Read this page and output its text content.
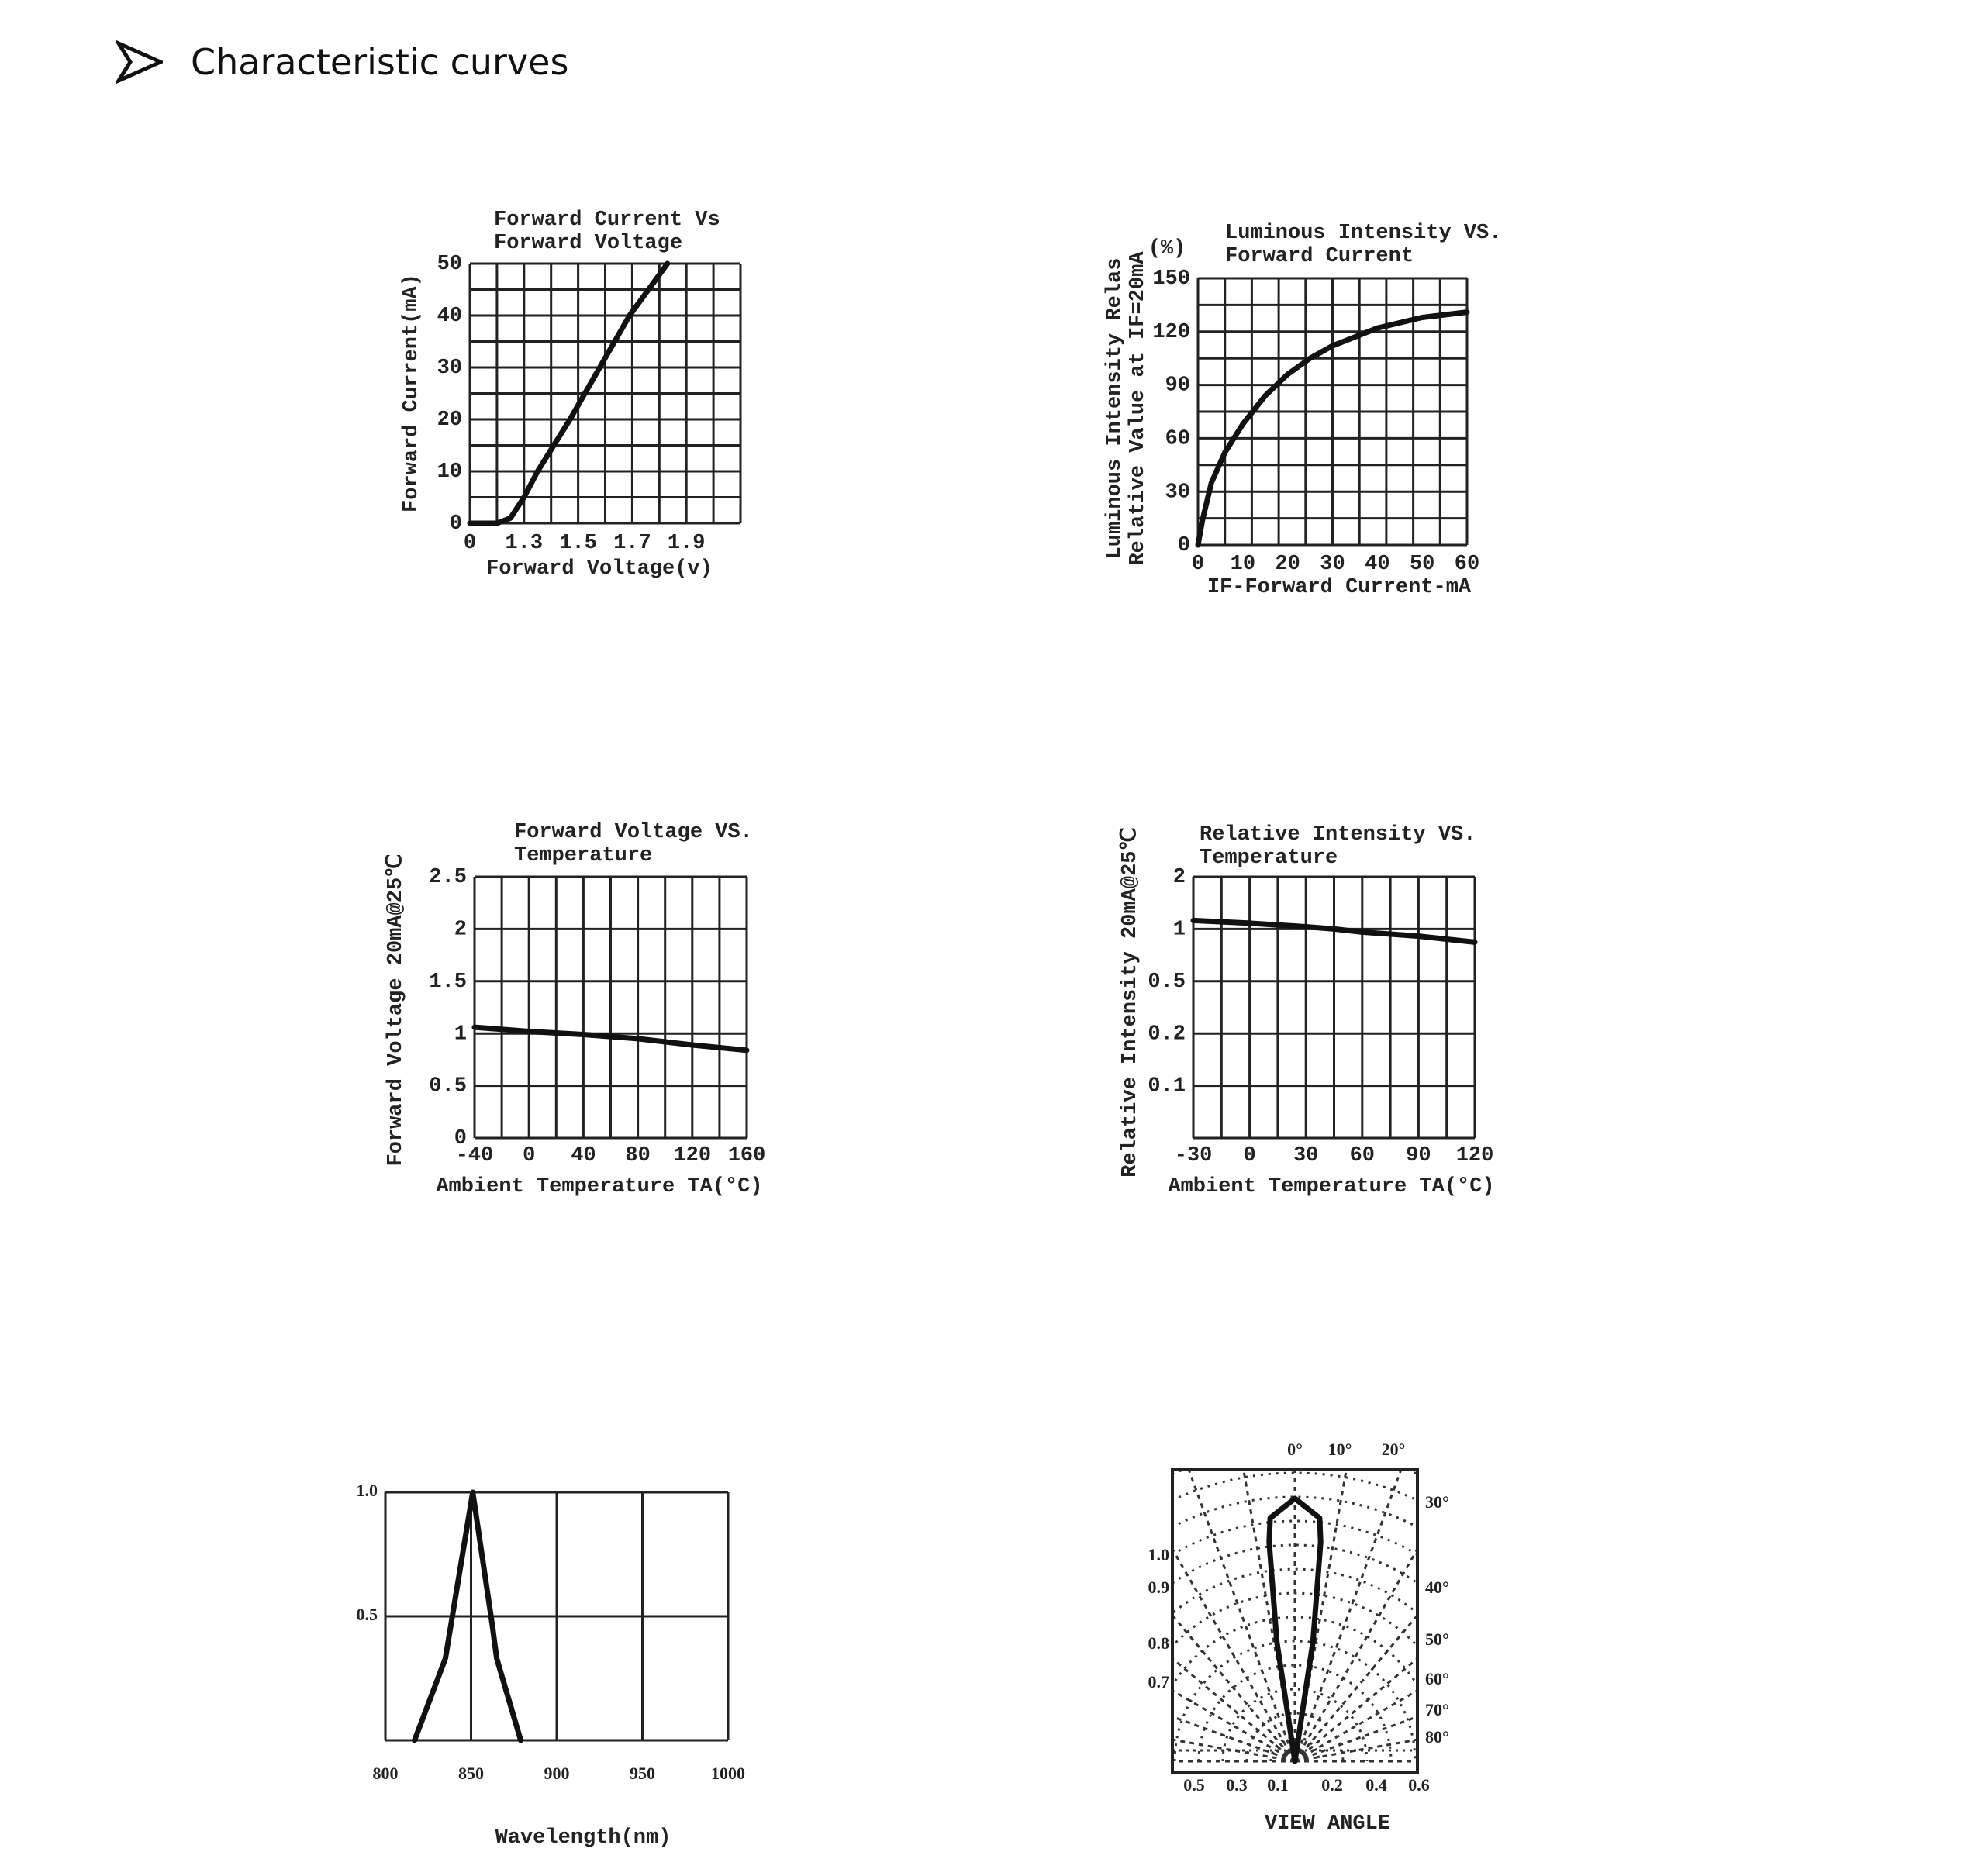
Characteristic curves
Forward Current Vs
Forward Voltage
0 1.3 1.5 1.7 1.9
0
10
20
30
40
50
Forward Voltage(v)
Forward Current(mA)
Luminous Intensity VS.
Forward Current
0 10 20 30 40 50 60
0
30
60
90
120
150
IF-Forward Current-mA
Luminous Intensity Relas Relative Value at IF=20mA
(%)
Forward Voltage VS.
Temperature
-40 0 40 80 120 160
0
0.5
1
1.5
2
2.5
Ambient Temperature TA(°C)
Forward Voltage 20mA@25℃
Relative Intensity VS.
Temperature
-30 0 30 60 90 120
2
1
0.5
0.2
0.1
Ambient Temperature TA(°C)
Relative Intensity 20mA@25℃
800	850	900	950	1000
1.0
0.5
Wavelength(nm)
0° 10° 20°
30°
40°
50°
60°
70°
80°
1.0
0.9
0.8
0.7
0.5 0.3 0.1 0.2 0.4 0.6
VIEW ANGLE
